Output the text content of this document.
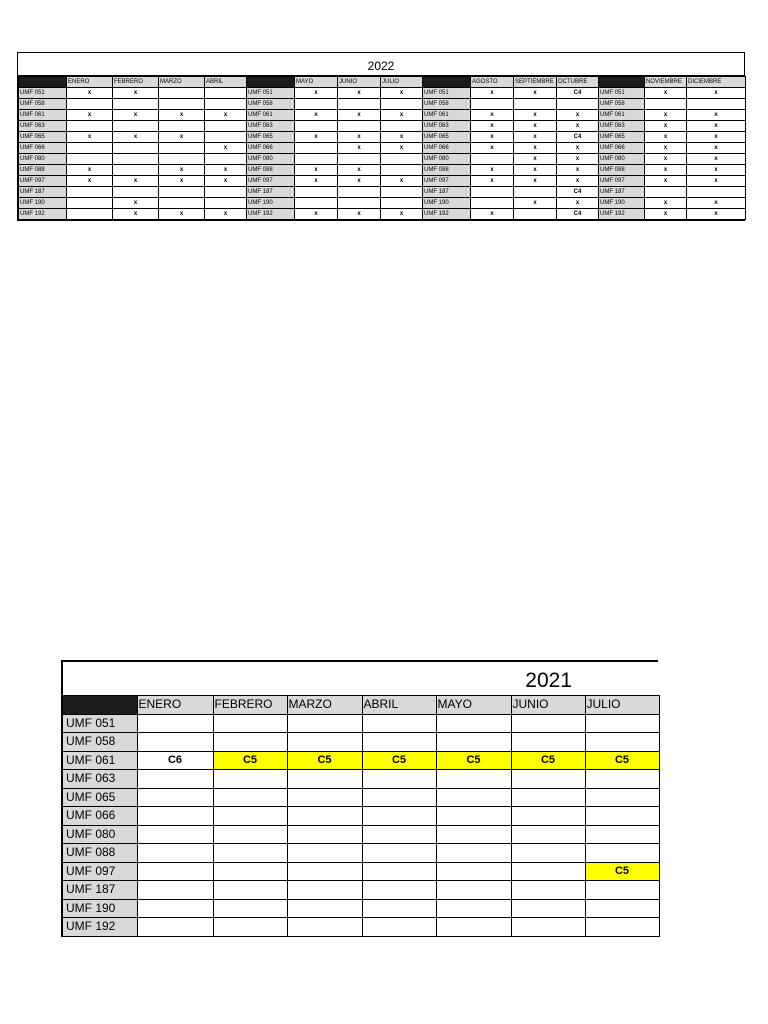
2022
	ENERO	FEBRERO	MARZO	ABRIL		MAYO	JUNIO	JULIO		AGOSTO	SEPTIEMBRE	OCTUBRE		NOVIEMBRE	DICIEMBRE
UMF 051	x	x			UMF 051	x	x	x	UMF 051	x	x	C4	UMF 051	x	x
UMF 058					UMF 058				UMF 058				UMF 058		
UMF 061	x	x	x	x	UMF 061	x	x	x	UMF 061	x	x	x	UMF 061	x	x
UMF 063					UMF 063				UMF 063	x	x	x	UMF 063	x	x
UMF 065	x	x	x		UMF 065	x	x	x	UMF 065	x	x	C4	UMF 065	x	x
UMF 066				x	UMF 066		x	x	UMF 066	x	x	x	UMF 066	x	x
UMF 080					UMF 080				UMF 080		x	x	UMF 080	x	x
UMF 088	x		x	x	UMF 088	x	x		UMF 088	x	x	x	UMF 088	x	x
UMF 097	x	x	x	x	UMF 097	x	x	x	UMF 097	x	x	x	UMF 097	x	x
UMF 187					UMF 187				UMF 187			C4	UMF 187		
UMF 190		x			UMF 190				UMF 190		x	x	UMF 190	x	x
UMF 192		x	x	x	UMF 192	x	x	x	UMF 192	x		C4	UMF 192	x	x
2021
	ENERO	FEBRERO	MARZO	ABRIL	MAYO	JUNIO	JULIO
UMF 051							
UMF 058							
UMF 061	C6	C5	C5	C5	C5	C5	C5
UMF 063							
UMF 065							
UMF 066							
UMF 080							
UMF 088							
UMF 097							C5
UMF 187							
UMF 190							
UMF 192							
